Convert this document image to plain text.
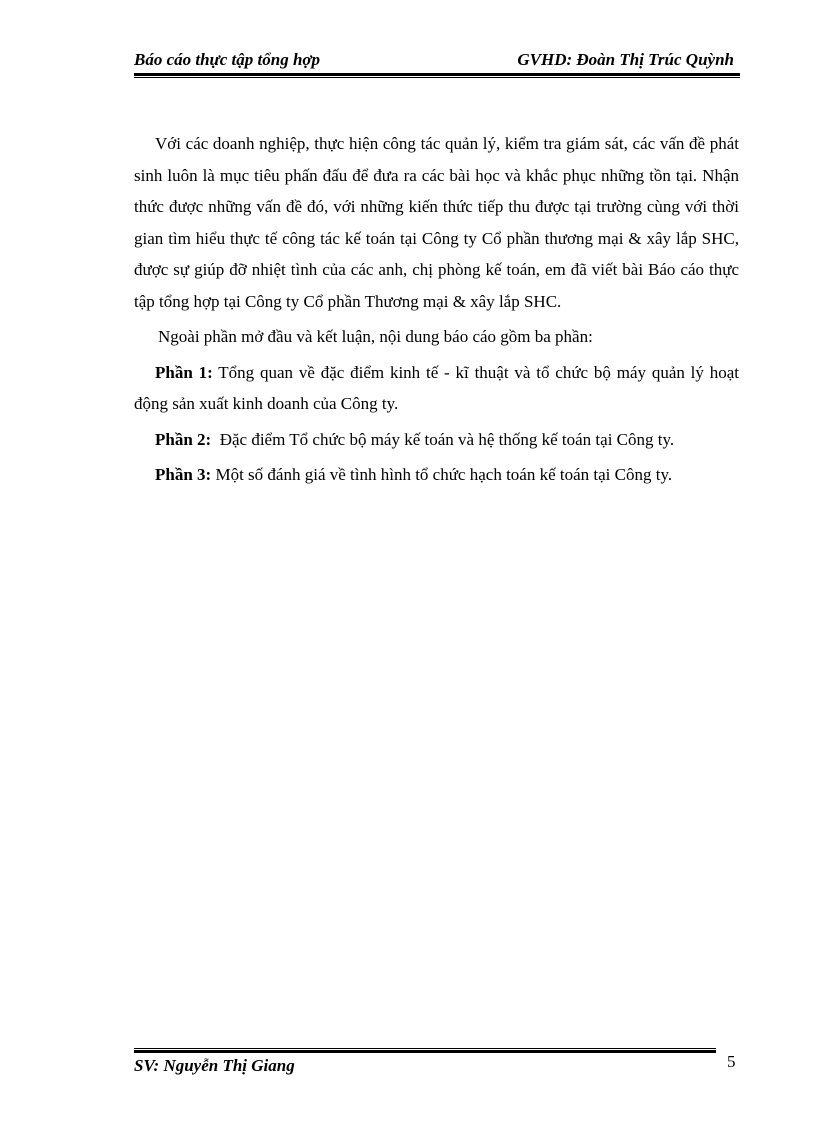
Báo cáo thực tập tổng hợp	GVHD: Đoàn Thị Trúc Quỳnh

Với các doanh nghiệp, thực hiện công tác quản lý, kiểm tra giám sát, các vấn đề phát sinh luôn là mục tiêu phấn đấu để đưa ra các bài học và khắc phục những tồn tại. Nhận thức được những vấn đề đó, với những kiến thức tiếp thu được tại trường cùng với thời gian tìm hiểu thực tế công tác kế toán tại Công ty Cổ phần thương mại & xây lắp SHC, được sự giúp đỡ nhiệt tình của các anh, chị phòng kế toán, em đã viết bài Báo cáo thực tập tổng hợp tại Công ty Cổ phần Thương mại & xây lắp SHC.

Ngoài phần mở đầu và kết luận, nội dung báo cáo gồm ba phần:

Phần 1: Tổng quan về đặc điểm kinh tế - kĩ thuật và tổ chức bộ máy quản lý hoạt động sản xuất kinh doanh của Công ty.

Phần 2: Đặc điểm Tổ chức bộ máy kế toán và hệ thống kế toán tại Công ty.

Phần 3: Một số đánh giá về tình hình tổ chức hạch toán kế toán tại Công ty.

SV: Nguyễn Thị Giang	5
